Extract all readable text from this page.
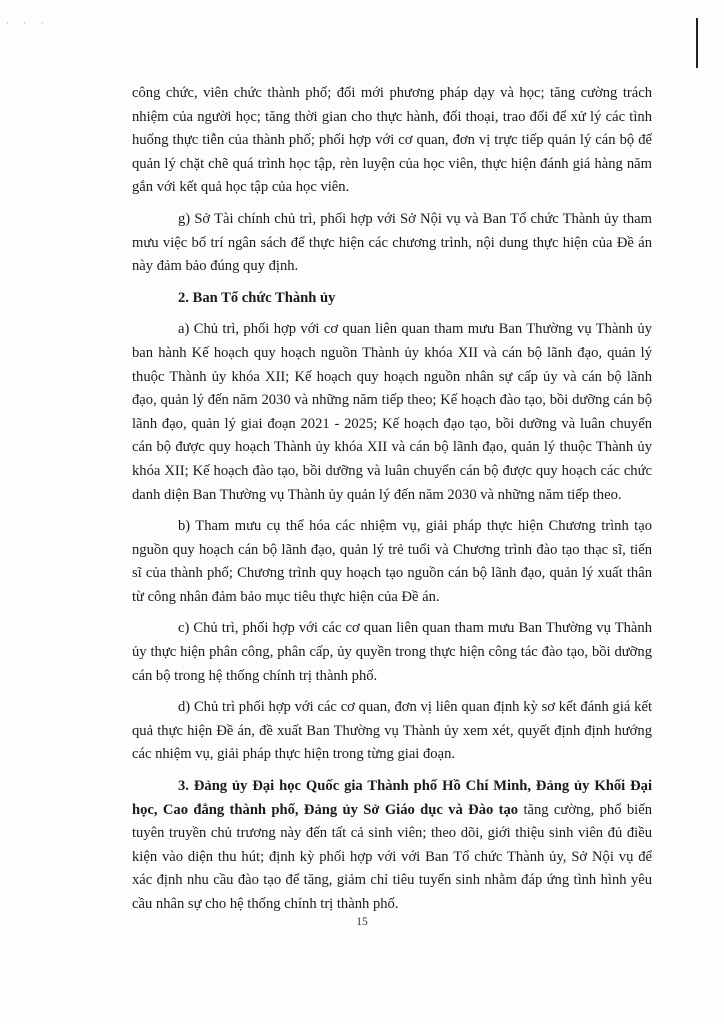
· · ·

công chức, viên chức thành phố; đổi mới phương pháp dạy và học; tăng cường trách nhiệm của người học; tăng thời gian cho thực hành, đối thoại, trao đổi để xử lý các tình huống thực tiễn của thành phố; phối hợp với cơ quan, đơn vị trực tiếp quản lý cán bộ để quản lý chặt chẽ quá trình học tập, rèn luyện của học viên, thực hiện đánh giá hàng năm gắn với kết quả học tập của học viên.

g) Sở Tài chính chủ trì, phối hợp với Sở Nội vụ và Ban Tổ chức Thành ủy tham mưu việc bố trí ngân sách để thực hiện các chương trình, nội dung thực hiện của Đề án này đảm bảo đúng quy định.

2. Ban Tổ chức Thành ủy

a) Chủ trì, phối hợp với cơ quan liên quan tham mưu Ban Thường vụ Thành ủy ban hành Kế hoạch quy hoạch nguồn Thành ủy khóa XII và cán bộ lãnh đạo, quản lý thuộc Thành ủy khóa XII; Kế hoạch quy hoạch nguồn nhân sự cấp ủy và cán bộ lãnh đạo, quản lý đến năm 2030 và những năm tiếp theo; Kế hoạch đào tạo, bồi dưỡng cán bộ lãnh đạo, quản lý giai đoạn 2021 - 2025; Kế hoạch đạo tạo, bồi dưỡng và luân chuyển cán bộ được quy hoạch Thành ủy khóa XII và cán bộ lãnh đạo, quản lý thuộc Thành ủy khóa XII; Kế hoạch đào tạo, bồi dưỡng và luân chuyển cán bộ được quy hoạch các chức danh diện Ban Thường vụ Thành ủy quản lý đến năm 2030 và những năm tiếp theo.

b) Tham mưu cụ thể hóa các nhiệm vụ, giải pháp thực hiện Chương trình tạo nguồn quy hoạch cán bộ lãnh đạo, quản lý trẻ tuổi và Chương trình đào tạo thạc sĩ, tiến sĩ của thành phố; Chương trình quy hoạch tạo nguồn cán bộ lãnh đạo, quản lý xuất thân từ công nhân đảm bảo mục tiêu thực hiện của Đề án.

c) Chủ trì, phối hợp với các cơ quan liên quan tham mưu Ban Thường vụ Thành ủy thực hiện phân công, phân cấp, ủy quyền trong thực hiện công tác đào tạo, bồi dưỡng cán bộ trong hệ thống chính trị thành phố.

d) Chủ trì phối hợp với các cơ quan, đơn vị liên quan định kỳ sơ kết đánh giá kết quả thực hiện Đề án, đề xuất Ban Thường vụ Thành ủy xem xét, quyết định định hướng các nhiệm vụ, giải pháp thực hiện trong từng giai đoạn.

3. Đảng ủy Đại học Quốc gia Thành phố Hồ Chí Minh, Đảng ủy Khối Đại học, Cao đẳng thành phố, Đảng ủy Sở Giáo dục và Đào tạo tăng cường, phổ biến tuyên truyền chủ trương này đến tất cả sinh viên; theo dõi, giới thiệu sinh viên đủ điều kiện vào diện thu hút; định kỳ phối hợp với với Ban Tổ chức Thành ủy, Sở Nội vụ để xác định nhu cầu đào tạo để tăng, giảm chỉ tiêu tuyển sinh nhằm đáp ứng tình hình yêu cầu nhân sự cho hệ thống chính trị thành phố.

15
